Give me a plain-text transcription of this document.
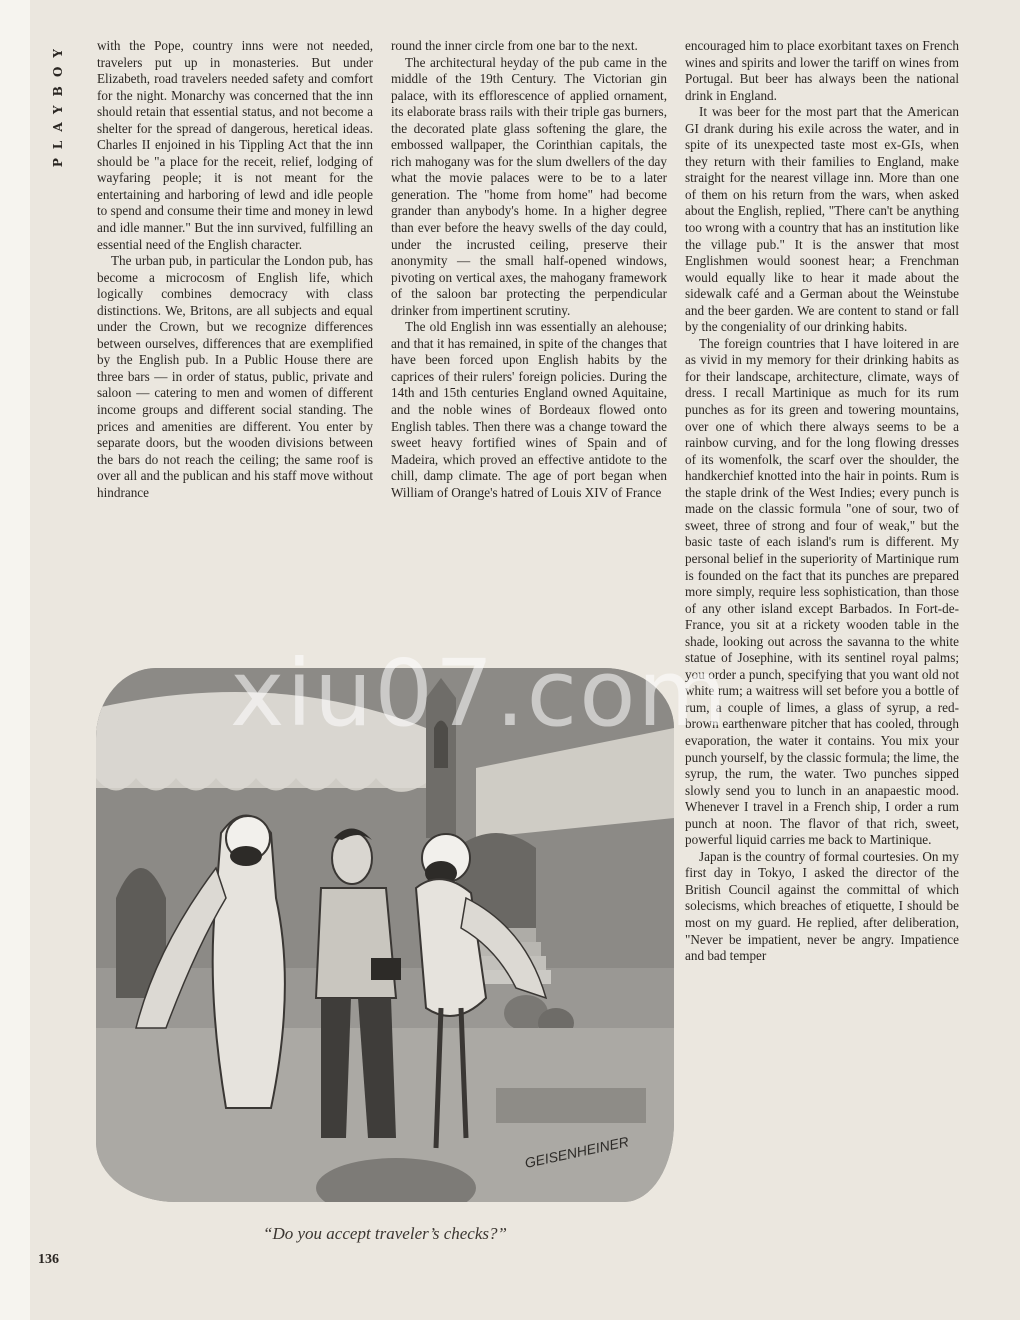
PLAYBOY with the Pope, country inns were not needed, travelers put up in monasteries. But under Elizabeth, road travelers needed safety and comfort for the night. Monarchy was concerned that the inn should retain that essential status, and not become a shelter for the spread of dangerous, heretical ideas. Charles II enjoined in his Tippling Act that the inn should be "a place for the receit, relief, lodging of wayfaring people; it is not meant for the entertaining and harboring of lewd and idle people to spend and consume their time and money in lewd and idle manner." But the inn survived, fulfilling an essential need of the English character.

The urban pub, in particular the London pub, has become a microcosm of English life, which logically combines democracy with class distinctions. We, Britons, are all subjects and equal under the Crown, but we recognize differences between ourselves, differences that are exemplified by the English pub. In a Public House there are three bars — in order of status, public, private and saloon — catering to men and women of different income groups and different social standing. The prices and amenities are different. You enter by separate doors, but the wooden divisions between the bars do not reach the ceiling; the same roof is over all and the publican and his staff move without hindrance

round the inner circle from one bar to the next.

The architectural heyday of the pub came in the middle of the 19th Century. The Victorian gin palace, with its efflorescence of applied ornament, its elaborate brass rails with their triple gas burners, the decorated plate glass softening the glare, the embossed wallpaper, the Corinthian capitals, the rich mahogany was for the slum dwellers of the day what the movie palaces were to be to a later generation. The "home from home" had become grander than anybody's home. In a higher degree than ever before the heavy swells of the day could, under the incrusted ceiling, preserve their anonymity — the small half-opened windows, pivoting on vertical axes, the mahogany framework of the saloon bar protecting the perpendicular drinker from impertinent scrutiny.

The old English inn was essentially an alehouse; and that it has remained, in spite of the changes that have been forced upon English habits by the caprices of their rulers' foreign policies. During the 14th and 15th centuries England owned Aquitaine, and the noble wines of Bordeaux flowed onto English tables. Then there was a change toward the sweet heavy fortified wines of Spain and of Madeira, which proved an effective antidote to the chill, damp climate. The age of port began when William of Orange's hatred of Louis XIV of France

encouraged him to place exorbitant taxes on French wines and spirits and lower the tariff on wines from Portugal. But beer has always been the national drink in England.

It was beer for the most part that the American GI drank during his exile across the water, and in spite of its unexpected taste most ex-GIs, when they return with their families to England, make straight for the nearest village inn. More than one of them on his return from the wars, when asked about the English, replied, "There can't be anything too wrong with a country that has an institution like the village pub." It is the answer that most Englishmen would soonest hear; a Frenchman would equally like to hear it made about the sidewalk café and a German about the Weinstube and the beer garden. We are content to stand or fall by the congeniality of our drinking habits.

The foreign countries that I have loitered in are as vivid in my memory for their drinking habits as for their landscape, architecture, climate, ways of dress. I recall Martinique as much for its rum punches as for its green and towering mountains, over one of which there always seems to be a rainbow curving, and for the long flowing dresses of its womenfolk, the scarf over the shoulder, the handkerchief knotted into the hair in points. Rum is the staple drink of the West Indies; every punch is made on the classic formula "one of sour, two of sweet, three of strong and four of weak," but the basic taste of each island's rum is different. My personal belief in the superiority of Martinique rum is founded on the fact that its punches are prepared more simply, require less sophistication, than those of any other island except Barbados. In Fort-de-France, you sit at a rickety wooden table in the shade, looking out across the savanna to the white statue of Josephine, with its sentinel royal palms; you order a punch, specifying that you want old not white rum; a waitress will set before you a bottle of rum, a couple of limes, a glass of syrup, a red-brown earthenware pitcher that has cooled, through evaporation, the water it contains. You mix your punch yourself, by the classic formula; the lime, the syrup, the rum, the water. Two punches sipped slowly send you to lunch in an anapaestic mood. Whenever I travel in a French ship, I order a rum punch at noon. The flavor of that rich, sweet, powerful liquid carries me back to Martinique.

Japan is the country of formal courtesies. On my first day in Tokyo, I asked the director of the British Council against the committal of which solecisms, which breaches of etiquette, I should be most on my guard. He replied, after deliberation, "Never be impatient, never be angry. Impatience and bad temper

GEISENHEINER
“Do you accept traveler’s checks?”
136
xiu07.com
